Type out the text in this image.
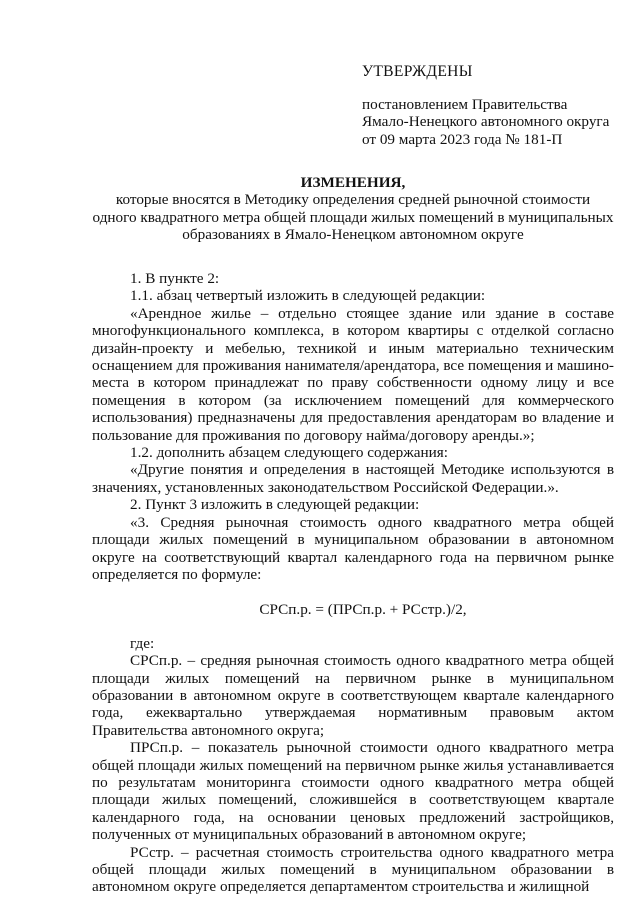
УТВЕРЖДЕНЫ
постановлением Правительства
Ямало-Ненецкого автономного округа
от 09 марта 2023 года № 181-П
ИЗМЕНЕНИЯ,
которые вносятся в Методику определения средней рыночной стоимости
одного квадратного метра общей площади жилых помещений в муниципальных
образованиях в Ямало-Ненецком автономном округе

1. В пункте 2:

1.1. абзац четвертый изложить в следующей редакции:

«Арендное жилье – отдельно стоящее здание или здание в составе многофункционального комплекса, в котором квартиры с отделкой согласно дизайн-проекту и мебелью, техникой и иным материально техническим оснащением для проживания нанимателя/арендатора, все помещения и машино-места в котором принадлежат по праву собственности одному лицу и все помещения в котором (за исключением помещений для коммерческого использования) предназначены для предоставления арендаторам во владение и пользование для проживания по договору найма/договору аренды.»;

1.2. дополнить абзацем следующего содержания:

«Другие понятия и определения в настоящей Методике используются в значениях, установленных законодательством Российской Федерации.».

2. Пункт 3 изложить в следующей редакции:

«3. Средняя рыночная стоимость одного квадратного метра общей площади жилых помещений в муниципальном образовании в автономном округе на соответствующий квартал календарного года на первичном рынке определяется по формуле:

СРСп.р. = (ПРСп.р. + РСстр.)/2,

где:

СРСп.р. – средняя рыночная стоимость одного квадратного метра общей площади жилых помещений на первичном рынке в муниципальном образовании в автономном округе в соответствующем квартале календарного года, ежеквартально утверждаемая нормативным правовым актом Правительства автономного округа;

ПРСп.р. – показатель рыночной стоимости одного квадратного метра общей площади жилых помещений на первичном рынке жилья устанавливается по результатам мониторинга стоимости одного квадратного метра общей площади жилых помещений, сложившейся в соответствующем квартале календарного года, на основании ценовых предложений застройщиков, полученных от муниципальных образований в автономном округе;

РСстр. – расчетная стоимость строительства одного квадратного метра общей площади жилых помещений в муниципальном образовании в автономном округе определяется департаментом строительства и жилищной
